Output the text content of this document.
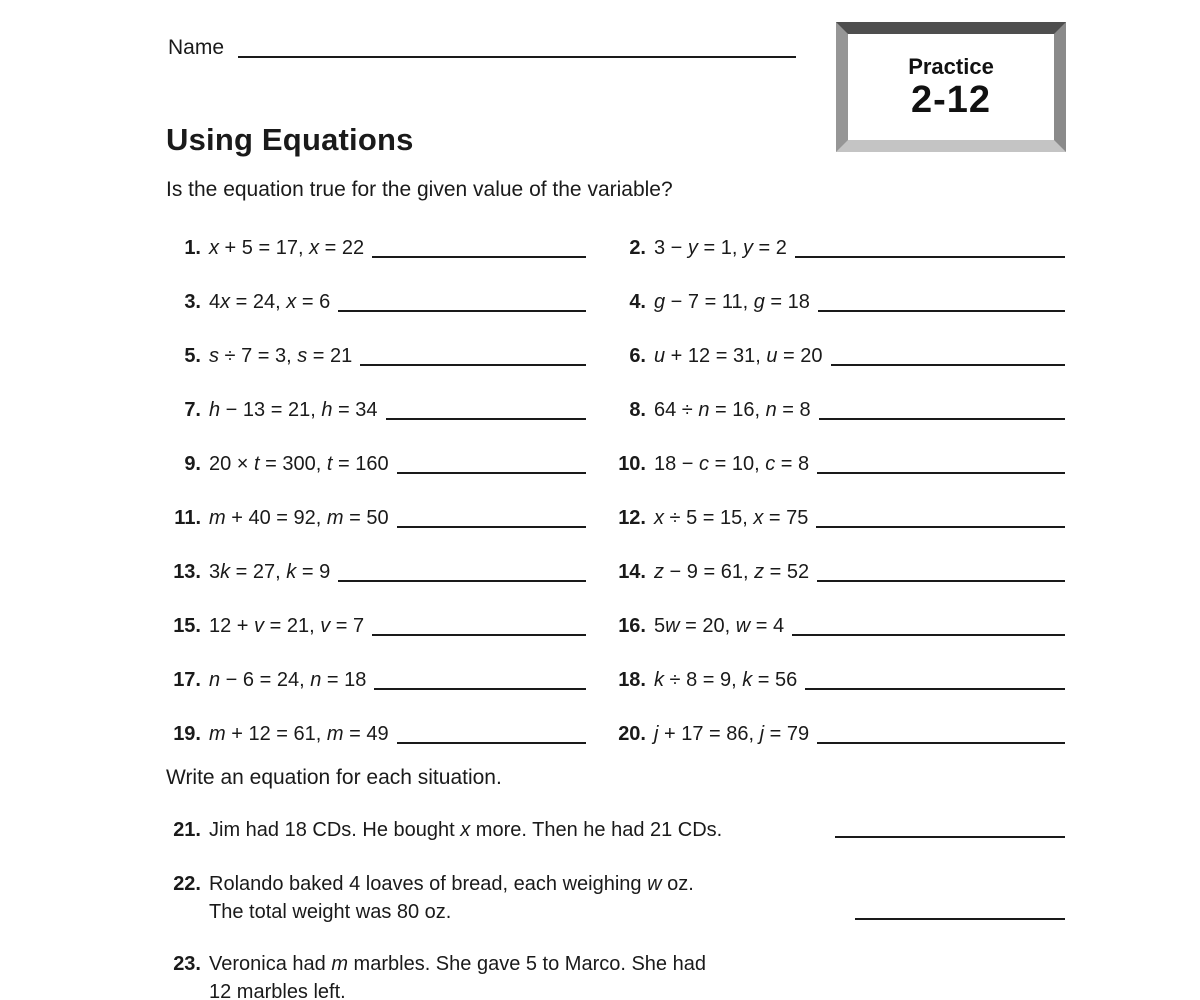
Name
Practice
2-12
Using Equations
Is the equation true for the given value of the variable?
1. x + 5 = 17, x = 22	2. 3 − y = 1, y = 2
3. 4x = 24, x = 6	4. g − 7 = 11, g = 18
5. s ÷ 7 = 3, s = 21	6. u + 12 = 31, u = 20
7. h − 13 = 21, h = 34	8. 64 ÷ n = 16, n = 8
9. 20 × t = 300, t = 160	10. 18 − c = 10, c = 8
11. m + 40 = 92, m = 50	12. x ÷ 5 = 15, x = 75
13. 3k = 27, k = 9	14. z − 9 = 61, z = 52
15. 12 + v = 21, v = 7	16. 5w = 20, w = 4
17. n − 6 = 24, n = 18	18. k ÷ 8 = 9, k = 56
19. m + 12 = 61, m = 49	20. j + 17 = 86, j = 79
Write an equation for each situation.
21. Jim had 18 CDs. He bought x more. Then he had 21 CDs.
22. Rolando baked 4 loaves of bread, each weighing w oz.
The total weight was 80 oz.
23. Veronica had m marbles. She gave 5 to Marco. She had
12 marbles left.
